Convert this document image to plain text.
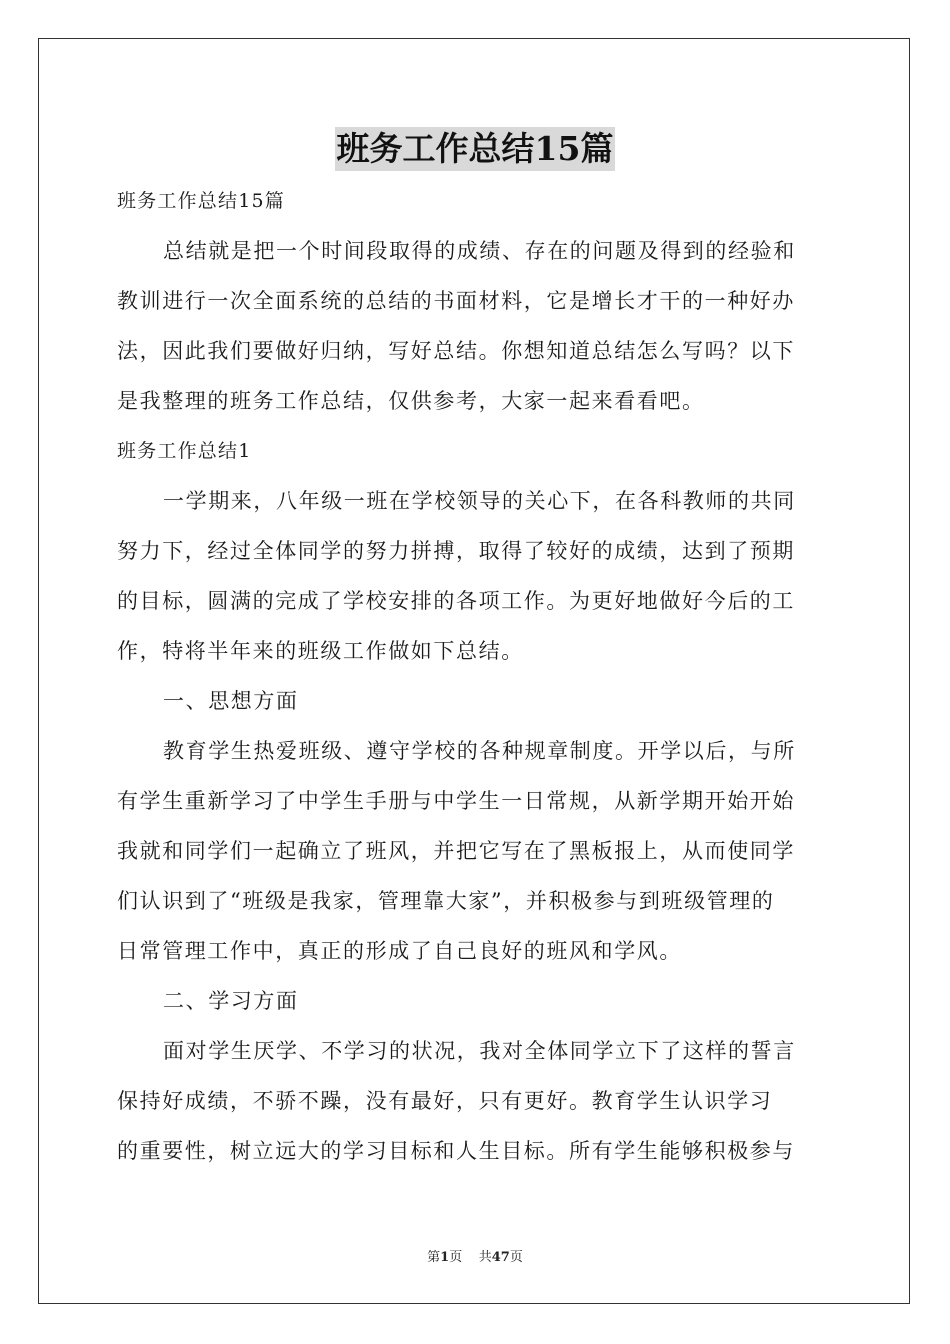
班务工作总结15篇
班务工作总结15篇
总结就是把一个时间段取得的成绩、存在的问题及得到的经验和
教训进行一次全面系统的总结的书面材料，它是增长才干的一种好办
法，因此我们要做好归纳，写好总结。你想知道总结怎么写吗？以下
是我整理的班务工作总结，仅供参考，大家一起来看看吧。
班务工作总结1
一学期来，八年级一班在学校领导的关心下，在各科教师的共同
努力下，经过全体同学的努力拼搏，取得了较好的成绩，达到了预期
的目标，圆满的完成了学校安排的各项工作。为更好地做好今后的工
作，特将半年来的班级工作做如下总结。
一、思想方面
教育学生热爱班级、遵守学校的各种规章制度。开学以后，与所
有学生重新学习了中学生手册与中学生一日常规，从新学期开始开始
我就和同学们一起确立了班风，并把它写在了黑板报上，从而使同学
们认识到了“班级是我家，管理靠大家”，并积极参与到班级管理的
日常管理工作中，真正的形成了自己良好的班风和学风。
二、学习方面
面对学生厌学、不学习的状况，我对全体同学立下了这样的誓言
保持好成绩，不骄不躁，没有最好，只有更好。教育学生认识学习
的重要性，树立远大的学习目标和人生目标。所有学生能够积极参与
第1页 共47页
